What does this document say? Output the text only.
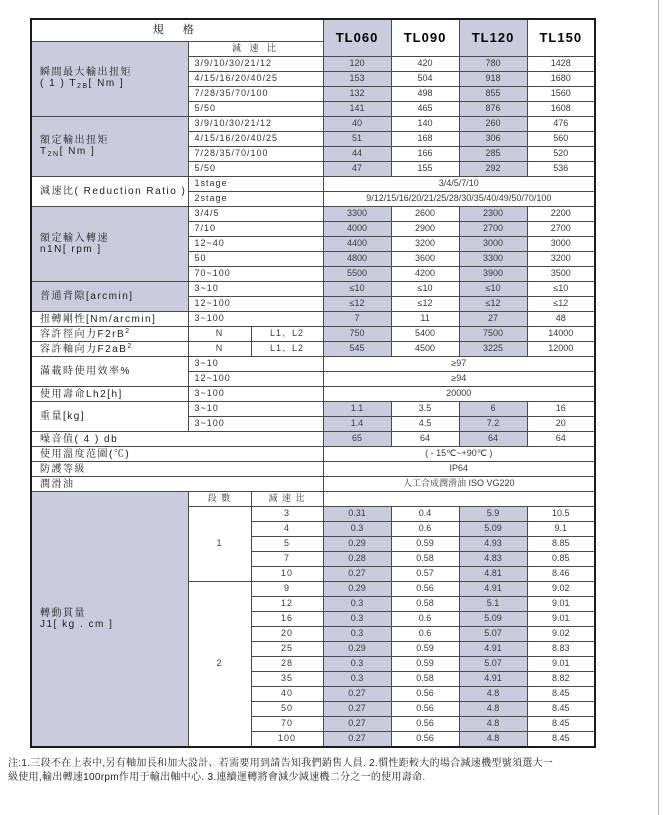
規 格			TL060	TL090	TL120	TL150

瞬間最大輸出扭矩
( 1 ) $T_{2B}$[ Nm ]	減 速 比					
	3/9/10/30/21/12		120	420	780	1428
	4/15/16/20/40/25		153	504	918	1680
	7/28/35/70/100		132	498	855	1560
	5/50		141	465	876	1608

額定輸出扭矩
$T_{2N}$[ Nm ]	3/9/10/30/21/12		40	140	260	476
	4/15/16/20/40/25		51	168	306	560
	7/28/35/70/100		44	166	285	520
	5/50		47	155	292	536

減速比( Reduction Ratio )	1stage		3/4/5/7/10			
	2stage		9/12/15/16/20/21/25/28/30/35/40/49/50/70/100			

額定輸入轉速
n1N[ rpm ]	3/4/5		3300	2600	2300	2200
	7/10		4000	2900	2700	2700
	12~40		4400	3200	3000	3000
	50		4800	3600	3300	3200
	70~100		5500	4200	3900	3500

普通背隙[arcmin]	3~10		≤10	≤10	≤10	≤10
	12~100		≤12	≤12	≤12	≤12

扭轉剛性[Nm/arcmin]	3~100		7	11	27	48

容許徑向力$F2rB^2$	N	L1、L2	750	5400	7500	14000

容許軸向力$F2aB^2$	N	L1、L2	545	4500	3225	12000

滿載時使用效率%	3~10		≥97			
	12~100		≥94			

使用壽命Lh2[h]	3~100		20000			

重量[kg]	3~10		1.1	3.5	6	16
	3~100		1.4	4.5	7.2	20

噪音值( 4 ) db			65	64	64	64

使用溫度范圍(℃)			( - 15℃~+90℃ )			

防護等級			IP64			

潤滑油			人工合成潤滑油 ISO VG220			

轉動貫量
J1[ kg . cm ]	段 數	減 速 比				
	1	3	0.31	0.4	5.9	10.5
		4	0.3	0.6	5.09	9.1
		5	0.29	0.59	4.93	8.85
		7	0.28	0.58	4.83	0.85
		10	0.27	0.57	4.81	8.46
	2	9	0.29	0.56	4.91	9.02
		12	0.3	0.58	5.1	9.01
		16	0.3	0.6	5.09	9.01
		20	0.3	0.6	5.07	9.02
		25	0.29	0.59	4.91	8.83
		28	0.3	0.59	5.07	9.01
		35	0.3	0.58	4.91	8.82
		40	0.27	0.56	4.8	8.45
		50	0.27	0.56	4.8	8.45
		70	0.27	0.56	4.8	8.45
		100	0.27	0.56	4.8	8.45
注:1.三段不在上表中,另有軸加長和加大設計、若需要用到請告知我們銷售人員. 2.慣性距較大的場合減速機型號須選大一
級使用,輸出轉速100rpm作用于輸出軸中心. 3.連續運轉將會減少減速機二分之一的使用壽命.
